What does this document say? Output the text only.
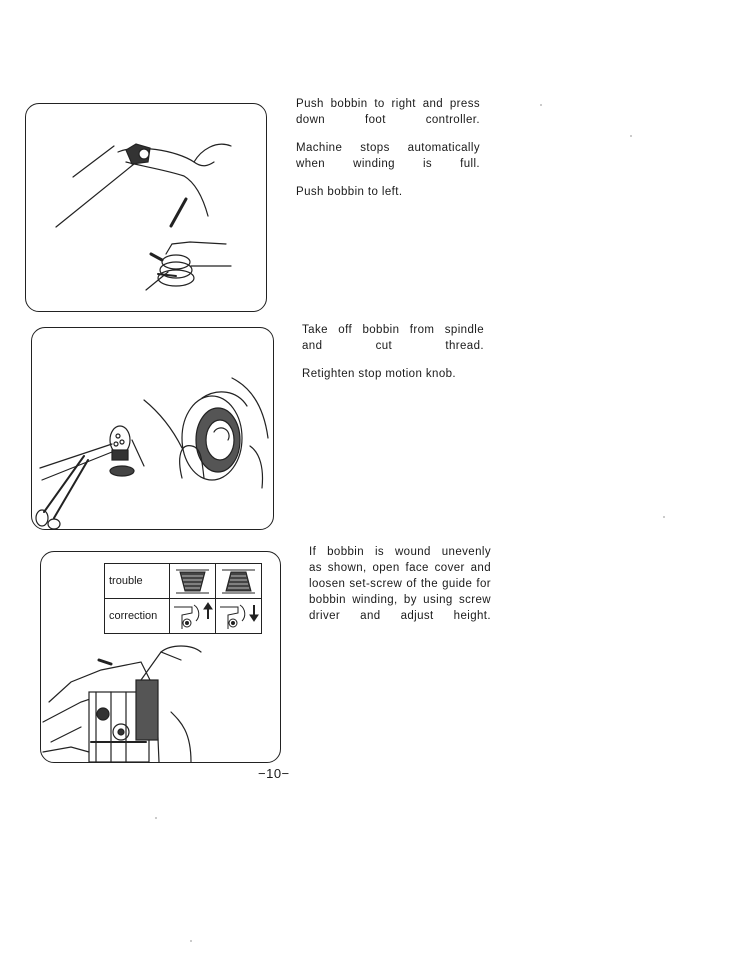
Push bobbin to right and press
down foot controller.

Machine stops automatically
when winding is full.

Push bobbin to left.

Take off bobbin from spindle
and cut thread.

Retighten stop motion knob.

trouble	

correction	

If bobbin is wound unevenly
as shown, open face cover and
loosen set-screw of the guide for
bobbin winding, by using screw
driver and adjust height.

−10−
